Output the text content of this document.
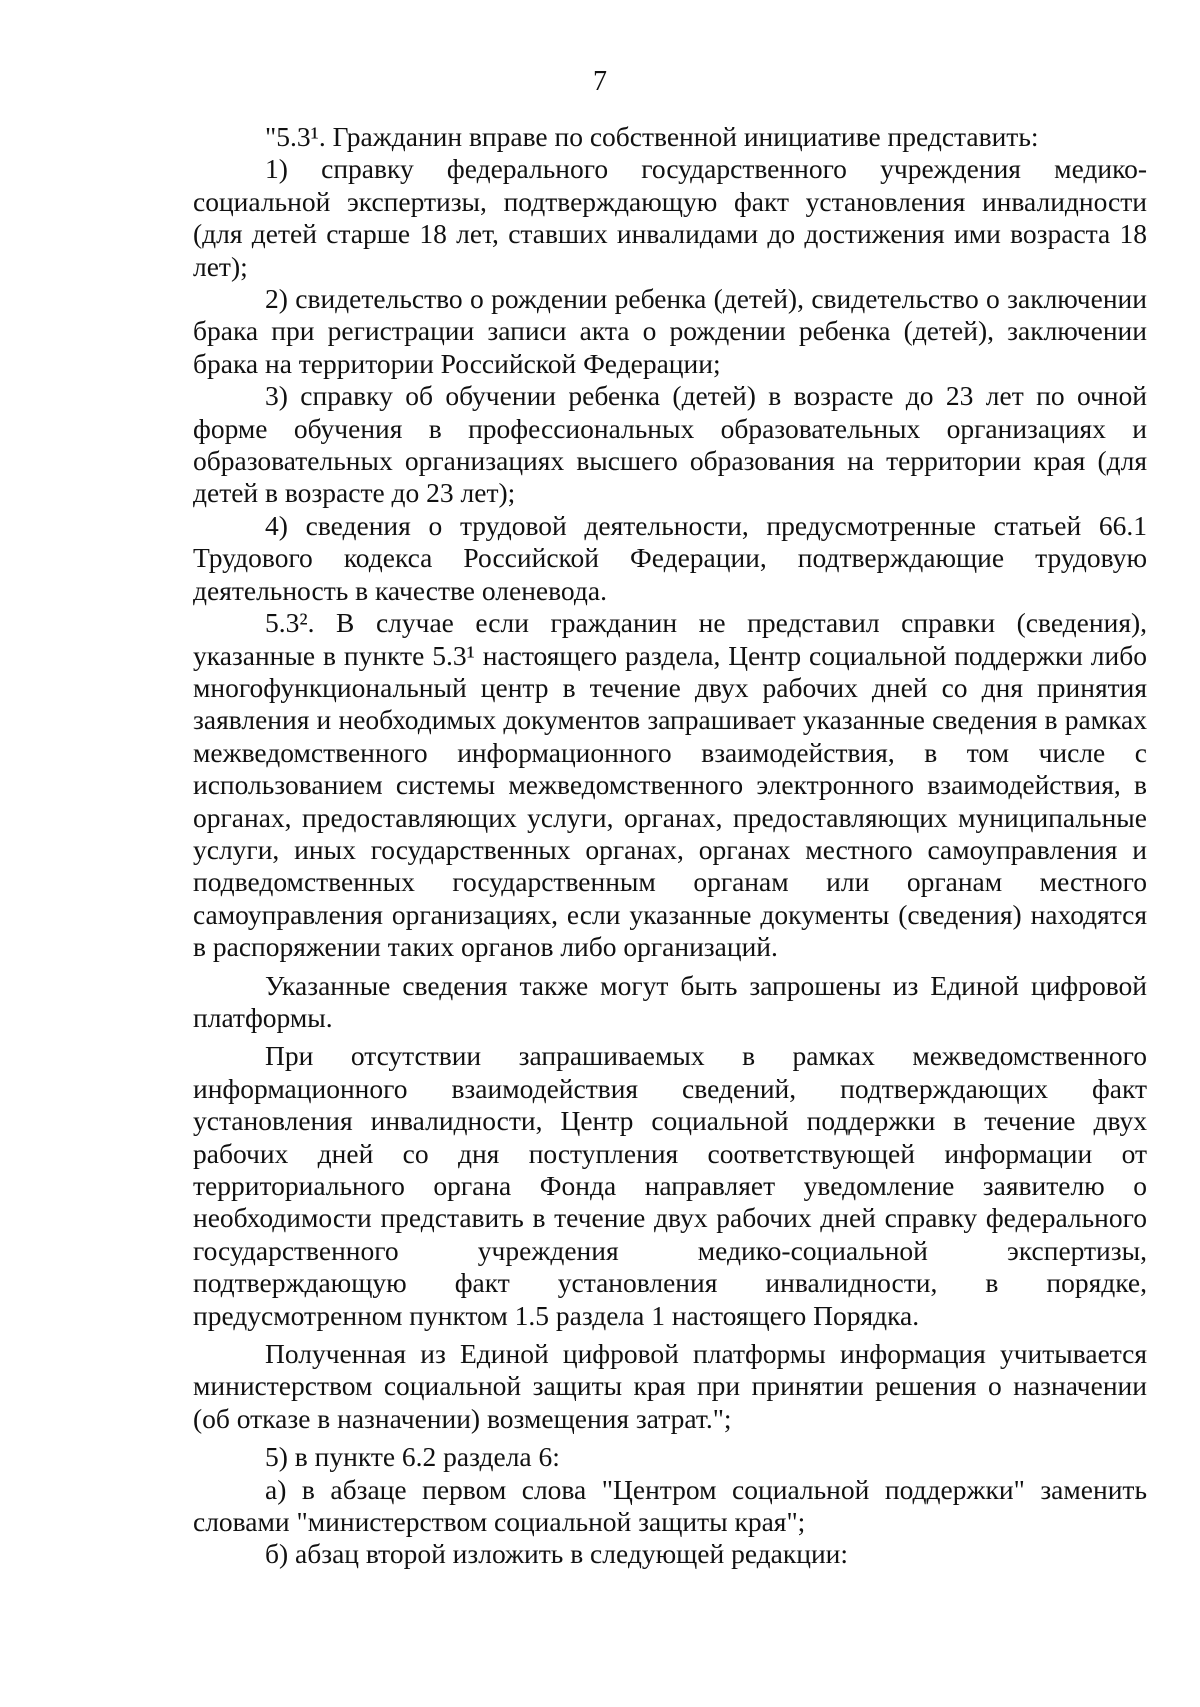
7

"5.3¹. Гражданин вправе по собственной инициативе представить:

1) справку федерального государственного учреждения медико-социальной экспертизы, подтверждающую факт установления инвалидности (для детей старше 18 лет, ставших инвалидами до достижения ими возраста 18 лет);

2) свидетельство о рождении ребенка (детей), свидетельство о заключении брака при регистрации записи акта о рождении ребенка (детей), заключении брака на территории Российской Федерации;

3) справку об обучении ребенка (детей) в возрасте до 23 лет по очной форме обучения в профессиональных образовательных организациях и образовательных организациях высшего образования на территории края (для детей в возрасте до 23 лет);

4) сведения о трудовой деятельности, предусмотренные статьей 66.1 Трудового кодекса Российской Федерации, подтверждающие трудовую деятельность в качестве оленевода.

5.3². В случае если гражданин не представил справки (сведения), указанные в пункте 5.3¹ настоящего раздела, Центр социальной поддержки либо многофункциональный центр в течение двух рабочих дней со дня принятия заявления и необходимых документов запрашивает указанные сведения в рамках межведомственного информационного взаимодействия, в том числе с использованием системы межведомственного электронного взаимодействия, в органах, предоставляющих услуги, органах, предоставляющих муниципальные услуги, иных государственных органах, органах местного самоуправления и подведомственных государственным органам или органам местного самоуправления организациях, если указанные документы (сведения) находятся в распоряжении таких органов либо организаций.

Указанные сведения также могут быть запрошены из Единой цифровой платформы.

При отсутствии запрашиваемых в рамках межведомственного информационного взаимодействия сведений, подтверждающих факт установления инвалидности, Центр социальной поддержки в течение двух рабочих дней со дня поступления соответствующей информации от территориального органа Фонда направляет уведомление заявителю о необходимости представить в течение двух рабочих дней справку федерального государственного учреждения медико-социальной экспертизы, подтверждающую факт установления инвалидности, в порядке, предусмотренном пунктом 1.5 раздела 1 настоящего Порядка.

Полученная из Единой цифровой платформы информация учитывается министерством социальной защиты края при принятии решения о назначении (об отказе в назначении) возмещения затрат.";

5) в пункте 6.2 раздела 6:

а) в абзаце первом слова "Центром социальной поддержки" заменить словами "министерством социальной защиты края";

б) абзац второй изложить в следующей редакции:
